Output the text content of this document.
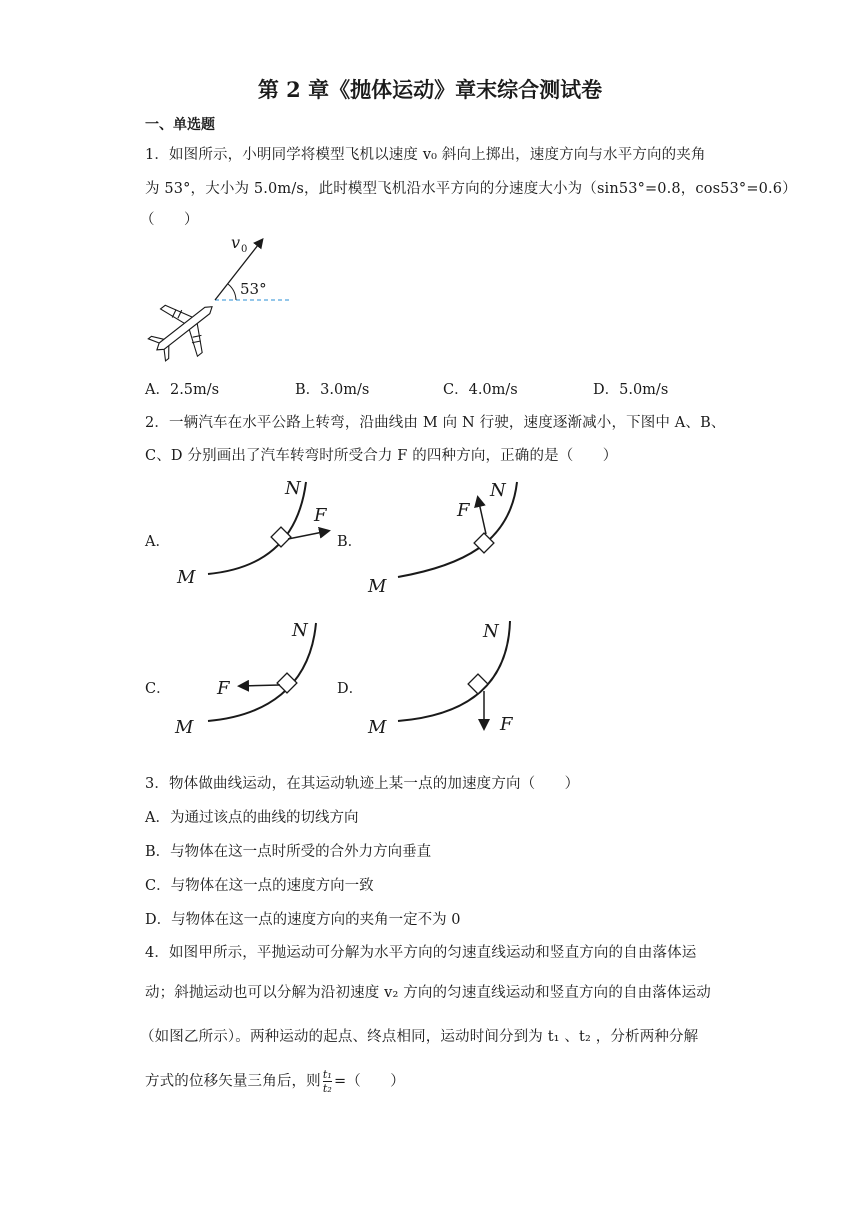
第 2 章《抛体运动》章末综合测试卷
一、单选题
1．如图所示，小明同学将模型飞机以速度 v₀ 斜向上掷出，速度方向与水平方向的夹角
为 53°，大小为 5.0m/s，此时模型飞机沿水平方向的分速度大小为（sin53°=0.8，cos53°=0.6）
（　　）
v 0
53°
A．2.5m/s	B．3.0m/s	C．4.0m/s	D．5.0m/s
2．一辆汽车在水平公路上转弯，沿曲线由 M 向 N 行驶，速度逐渐减小，下图中 A、B、
C、D 分别画出了汽车转弯时所受合力 F 的四种方向，正确的是（　　）
A．	B．
C．	D．
M
N
F
M
N
F
M
N
F
M
N
F
3．物体做曲线运动，在其运动轨迹上某一点的加速度方向（　　）
A．为通过该点的曲线的切线方向
B．与物体在这一点时所受的合外力方向垂直
C．与物体在这一点的速度方向一致
D．与物体在这一点的速度方向的夹角一定不为 0
4．如图甲所示，平抛运动可分解为水平方向的匀速直线运动和竖直方向的自由落体运
动；斜抛运动也可以分解为沿初速度 v₂ 方向的匀速直线运动和竖直方向的自由落体运动
（如图乙所示）。两种运动的起点、终点相同，运动时间分到为 t₁ 、t₂ ，分析两种分解
方式的位移矢量三角后，则 $\frac{\text{t₁}}{\text{t₂}}$ =（　　）
